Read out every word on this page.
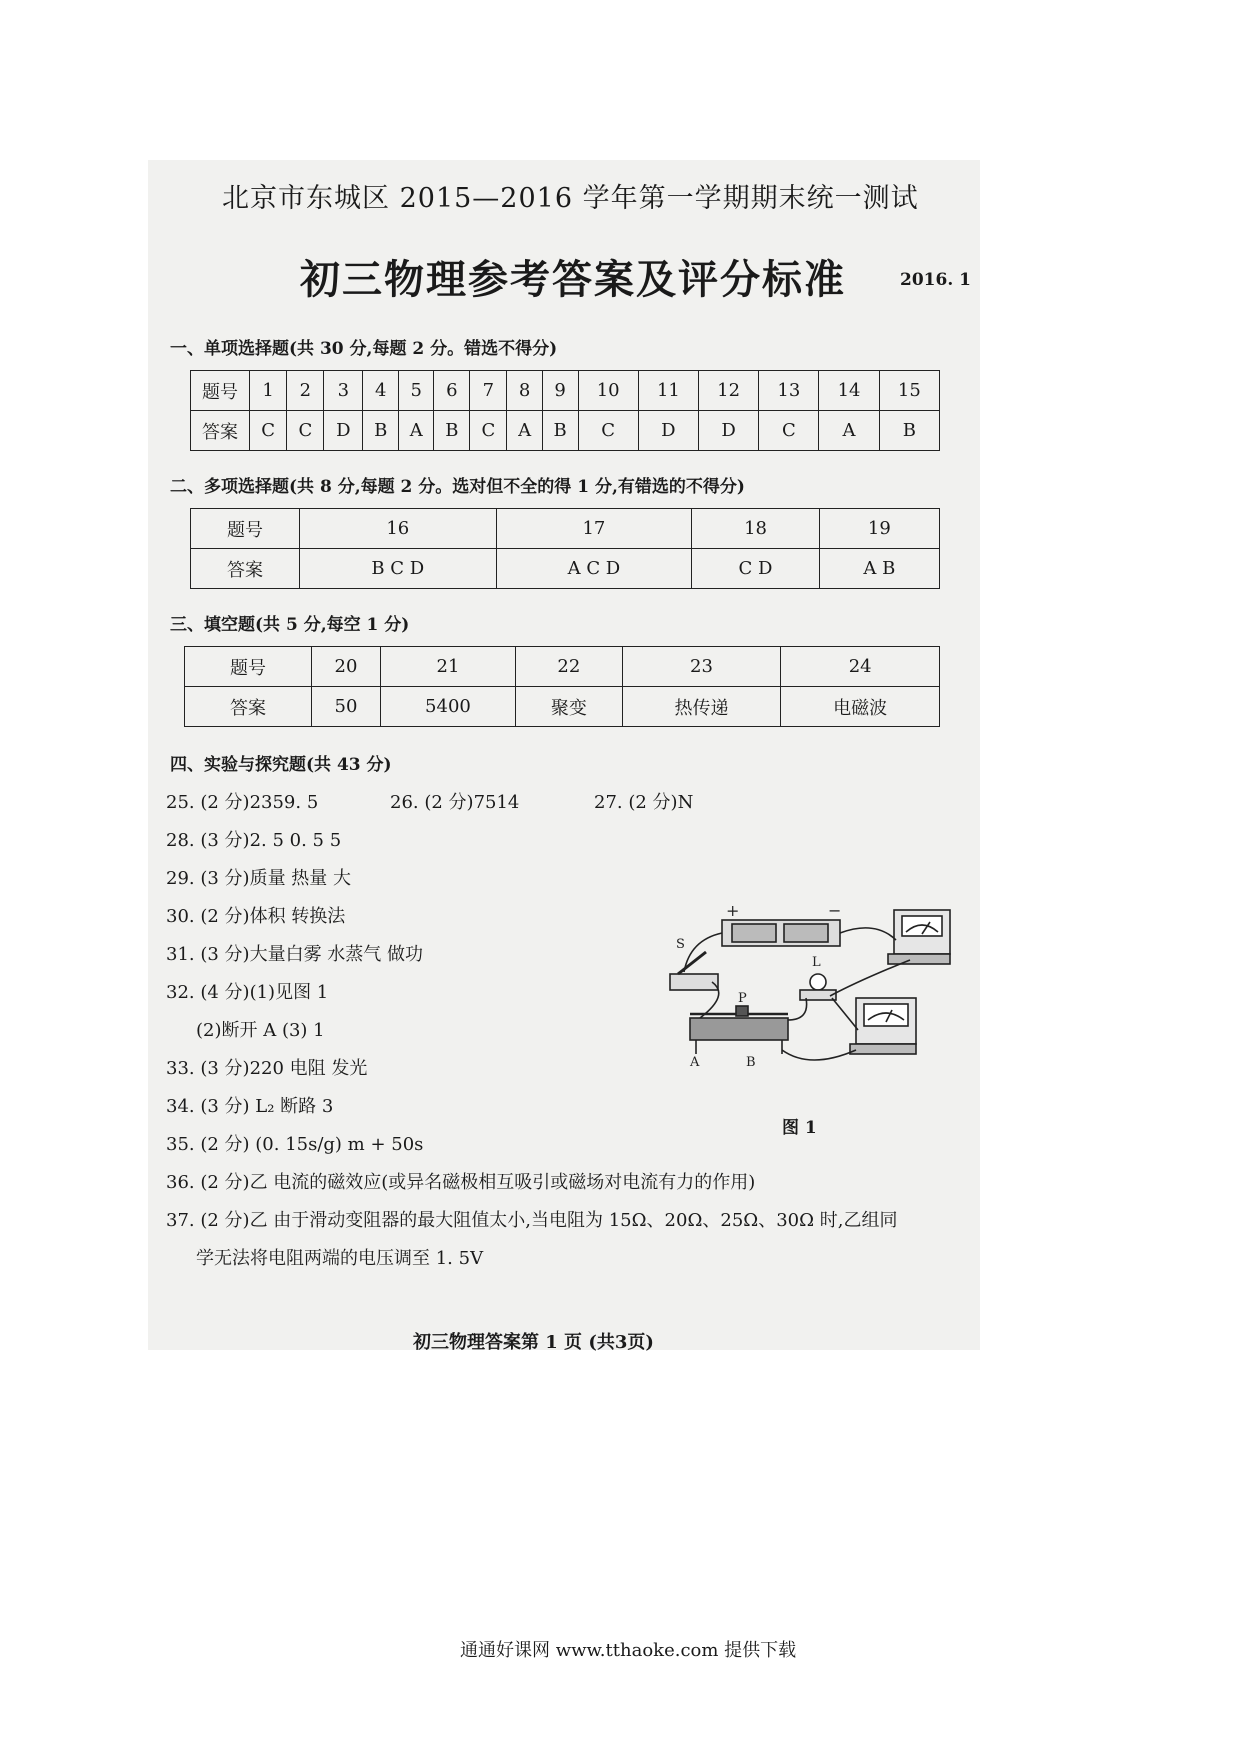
北京市东城区 2015—2016 学年第一学期期末统一测试
初三物理参考答案及评分标准	2016. 1
一、单项选择题(共 30 分,每题 2 分。错选不得分)
题号	1	2	3	4	5	6	7	8	9	10	11	12	13	14	15
答案	C	C	D	B	A	B	C	A	B	C	D	D	C	A	B
二、多项选择题(共 8 分,每题 2 分。选对但不全的得 1 分,有错选的不得分)
题号	16	17	18	19
答案	B C D	A C D	C D	A B
三、填空题(共 5 分,每空 1 分)
题号	20	21	22	23	24
答案	50	5400	聚变	热传递	电磁波
四、实验与探究题(共 43 分)
25. (2 分)2359. 5	26. (2 分)7514	27. (2 分)N
28. (3 分)2. 5 0. 5 5
29. (3 分)质量 热量 大
30. (2 分)体积 转换法
31. (3 分)大量白雾 水蒸气 做功
32. (4 分)(1)见图 1
(2)断开 A (3) 1
33. (3 分)220 电阻 发光
34. (3 分) L₂ 断路 3
35. (2 分) (0. 15s/g) m + 50s
36. (2 分)乙 电流的磁效应(或异名磁极相互吸引或磁场对电流有力的作用)
37. (2 分)乙 由于滑动变阻器的最大阻值太小,当电阻为 15Ω、20Ω、25Ω、30Ω 时,乙组同
学无法将电阻两端的电压调至 1. 5V
S
L
P
A	B
+	−
图 1
初三物理答案第 1 页 (共3页)
通通好课网 www.tthaoke.com 提供下载
